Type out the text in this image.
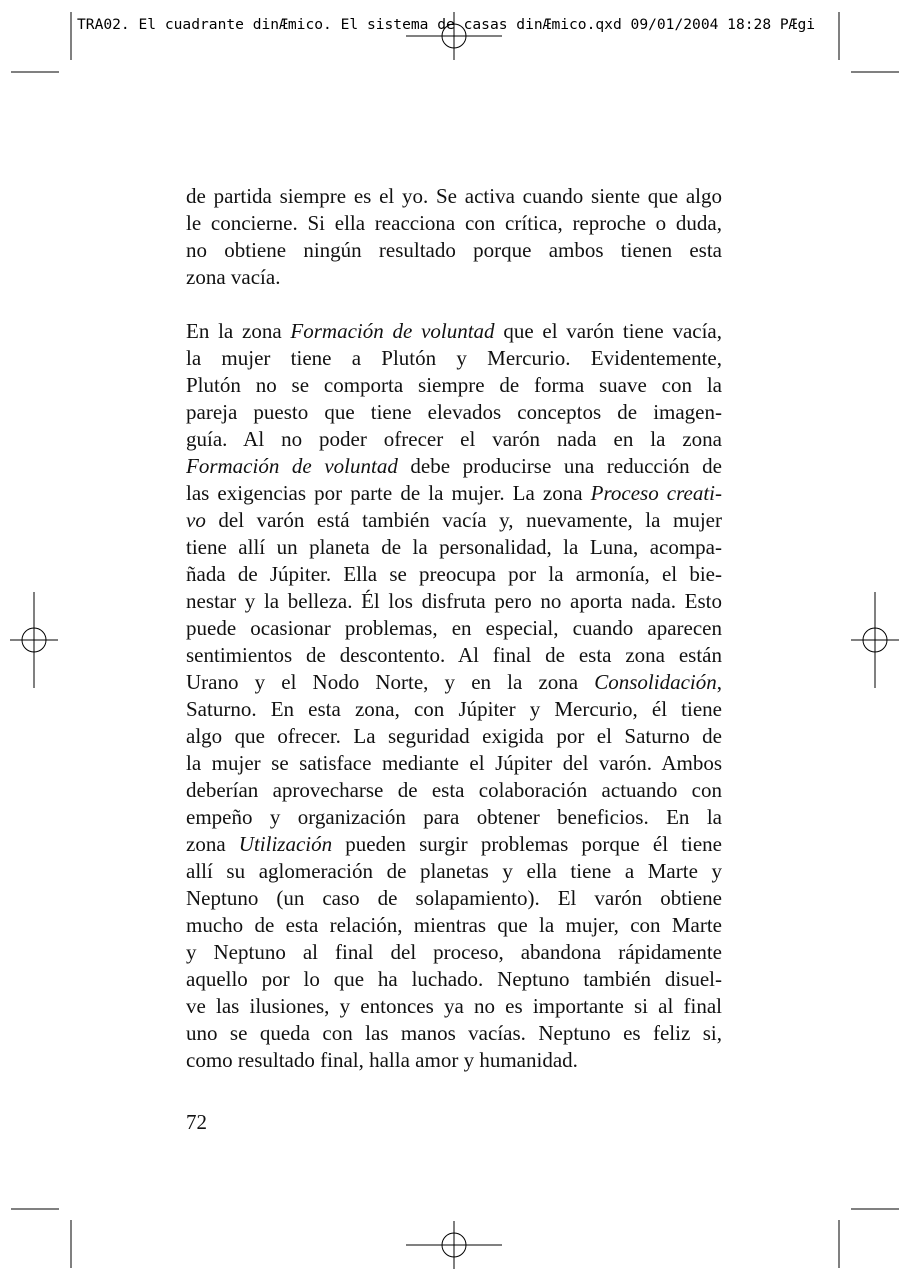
TRA02. El cuadrante dinÆmico. El sistema de casas dinÆmico.qxd 09/01/2004 18:28 PÆgi
de partida siempre es el yo. Se activa cuando siente que algo
le concierne. Si ella reacciona con crítica, reproche o duda,
no obtiene ningún resultado porque ambos tienen esta
zona vacía.
En la zona Formación de voluntad que el varón tiene vacía,
la mujer tiene a Plutón y Mercurio. Evidentemente,
Plutón no se comporta siempre de forma suave con la
pareja puesto que tiene elevados conceptos de imagen-
guía. Al no poder ofrecer el varón nada en la zona
Formación de voluntad debe producirse una reducción de
las exigencias por parte de la mujer. La zona Proceso creati-
vo del varón está también vacía y, nuevamente, la mujer
tiene allí un planeta de la personalidad, la Luna, acompa-
ñada de Júpiter. Ella se preocupa por la armonía, el bie-
nestar y la belleza. Él los disfruta pero no aporta nada. Esto
puede ocasionar problemas, en especial, cuando aparecen
sentimientos de descontento. Al final de esta zona están
Urano y el Nodo Norte, y en la zona Consolidación,
Saturno. En esta zona, con Júpiter y Mercurio, él tiene
algo que ofrecer. La seguridad exigida por el Saturno de
la mujer se satisface mediante el Júpiter del varón. Ambos
deberían aprovecharse de esta colaboración actuando con
empeño y organización para obtener beneficios. En la
zona Utilización pueden surgir problemas porque él tiene
allí su aglomeración de planetas y ella tiene a Marte y
Neptuno (un caso de solapamiento). El varón obtiene
mucho de esta relación, mientras que la mujer, con Marte
y Neptuno al final del proceso, abandona rápidamente
aquello por lo que ha luchado. Neptuno también disuel-
ve las ilusiones, y entonces ya no es importante si al final
uno se queda con las manos vacías. Neptuno es feliz si,
como resultado final, halla amor y humanidad.
72
